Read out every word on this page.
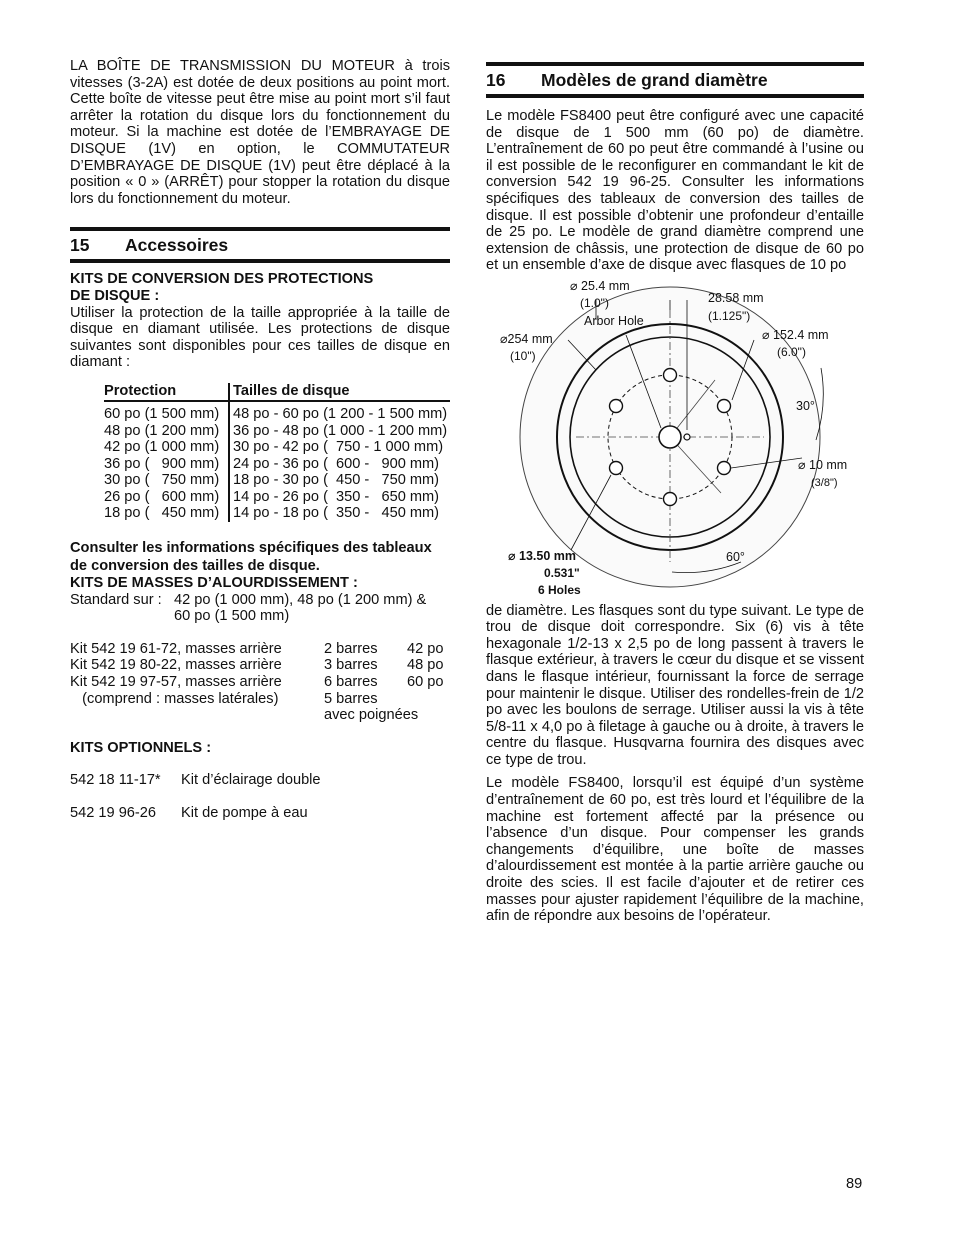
LA BOÎTE DE TRANSMISSION DU MOTEUR à trois vitesses (3-2A) est dotée de deux positions au point mort. Cette boîte de vitesse peut être mise au point mort s’il faut arrêter la rotation du disque lors du fonctionnement du moteur. Si la machine est dotée de l’EMBRAYAGE DE DISQUE (1V) en option, le COMMUTATEUR D’EMBRAYAGE DE DISQUE (1V) peut être déplacé à la position « 0 » (ARRÊT) pour stopper la rotation du disque lors du fonctionnement du moteur.

15	Accessoires
KITS DE CONVERSION DES PROTECTIONS
DE DISQUE :

Utiliser la protection de la taille appropriée à la taille de disque en diamant utilisée. Les protections de disque suivantes sont disponibles pour ces tailles de disque en diamant :

Protection	Tailles de disque
60 po (1 500 mm) 48 po - 60 po (1 200 - 1 500 mm)
48 po (1 200 mm) 36 po - 48 po (1 000 - 1 200 mm)
42 po (1 000 mm) 30 po - 42 po (  750 - 1 000 mm)
36 po (   900 mm) 24 po - 36 po (  600 -   900 mm)
30 po (   750 mm) 18 po - 30 po (  450 -   750 mm)
26 po (   600 mm) 14 po - 26 po (  350 -   650 mm)
18 po (   450 mm) 14 po - 18 po (  350 -   450 mm)
Consulter les informations spécifiques des tableaux de conversion des tailles de disque.
KITS DE MASSES D’ALOURDISSEMENT :
Standard sur : 42 po (1 000 mm), 48 po (1 200 mm) &
60 po (1 500 mm)
Kit 542 19 61-72, masses arrière	2 barres	42 po
Kit 542 19 80-22, masses arrière	3 barres	48 po
Kit 542 19 97-57, masses arrière	6 barres	60 po
(comprend : masses latérales)	5 barres
avec poignées
KITS OPTIONNELS :
542 18 11-17*	Kit d’éclairage double
542 19 96-26	Kit de pompe à eau
16	Modèles de grand diamètre

Le modèle FS8400 peut être configuré avec une capacité de disque de 1 500 mm (60 po) de diamètre. L’entraînement de 60 po peut être commandé à l’usine ou il est possible de le reconfigurer en commandant le kit de conversion 542 19 96-25. Consulter les informations spécifiques des tableaux de conversion des tailles de disque. Il est possible d’obtenir une profondeur d’entaille de 25 po. Le modèle de grand diamètre comprend une extension de châssis, une protection de disque de 60 po et un ensemble d’axe de disque avec flasques de 10 po

⌀ 25.4 mm
(1.0")
Arbor Hole
28.58 mm
(1.125")
⌀ 152.4 mm
(6.0")
⌀254 mm
(10")
30°
⌀ 10 mm
(3/8")
60°
⌀ 13.50 mm
0.531"
6 Holes

de diamètre. Les flasques sont du type suivant. Le type de trou de disque doit correspondre. Six (6) vis à tête hexagonale 1/2-13 x 2,5 po de long passent à travers le flasque extérieur, à travers le cœur du disque et se vissent dans le flasque intérieur, fournissant la force de serrage pour maintenir le disque. Utiliser des rondelles-frein de 1/2 po avec les boulons de serrage. Utiliser aussi la vis à tête 5/8-11 x 4,0 po à filetage à gauche ou à droite, à travers le centre du flasque. Husqvarna fournira des disques avec ce type de trou.

Le modèle FS8400, lorsqu’il est équipé d’un système d’entraînement de 60 po, est très lourd et l’équilibre de la machine est fortement affecté par la présence ou l’absence d’un disque. Pour compenser les grands changements d’équilibre, une boîte de masses d’alourdissement est montée à la partie arrière gauche ou droite des scies. Il est facile d’ajouter et de retirer ces masses pour ajuster rapidement l’équilibre de la machine, afin de répondre aux besoins de l’opérateur.

89
